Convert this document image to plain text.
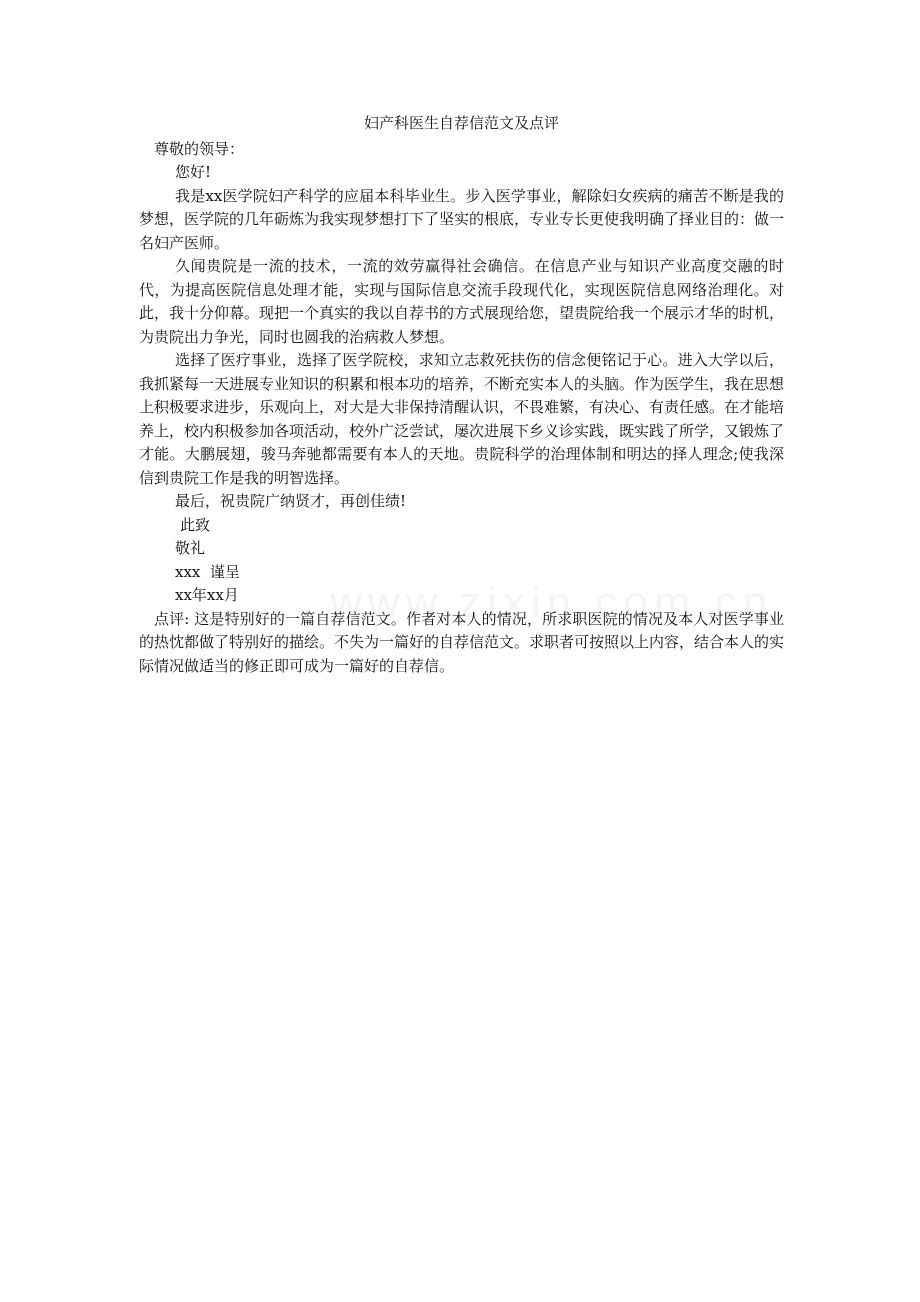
妇产科医生自荐信范文及点评

尊敬的领导：

您好!

我是xx医学院妇产科学的应届本科毕业生。步入医学事业，解除妇女疾病的痛苦不断是我的梦想，医学院的几年砺炼为我实现梦想打下了坚实的根底，专业专长更使我明确了择业目的：做一名妇产医师。

久闻贵院是一流的技术，一流的效劳赢得社会确信。在信息产业与知识产业高度交融的时代，为提高医院信息处理才能，实现与国际信息交流手段现代化，实现医院信息网络治理化。对此，我十分仰幕。现把一个真实的我以自荐书的方式展现给您，望贵院给我一个展示才华的时机，为贵院出力争光，同时也圆我的治病救人梦想。

选择了医疗事业，选择了医学院校，求知立志救死扶伤的信念便铭记于心。进入大学以后，我抓紧每一天进展专业知识的积累和根本功的培养，不断充实本人的头脑。作为医学生，我在思想上积极要求进步，乐观向上，对大是大非保持清醒认识，不畏难繁，有决心、有责任感。在才能培养上，校内积极参加各项活动，校外广泛尝试，屡次进展下乡义诊实践，既实践了所学，又锻炼了才能。大鹏展翅，骏马奔驰都需要有本人的天地。贵院科学的治理体制和明达的择人理念;使我深信到贵院工作是我的明智选择。

最后，祝贵院广纳贤才，再创佳绩!

此致

敬礼

xxx  谨呈

xx年xx月

点评: 这是特别好的一篇自荐信范文。作者对本人的情况，所求职医院的情况及本人对医学事业的热忱都做了特别好的描绘。不失为一篇好的自荐信范文。求职者可按照以上内容，结合本人的实际情况做适当的修正即可成为一篇好的自荐信。
